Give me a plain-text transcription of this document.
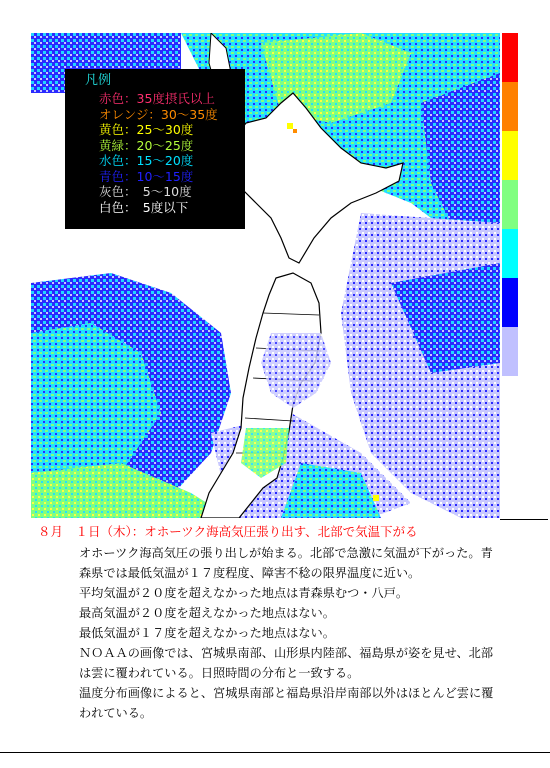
凡例
赤色：35度摂氏以上
オレンジ：30〜35度
黄色：25〜30度
黄緑：20〜25度
水色：15〜20度
青色：10〜15度
灰色：　5〜10度
白色：　5度以下
８月　１日（木）：オホーツク海高気圧張り出す、北部で気温下がる

オホーツク海高気圧の張り出しが始まる。北部で急激に気温が下がった。青森県では最低気温が１７度程度、障害不稔の限界温度に近い。

平均気温が２０度を超えなかった地点は青森県むつ・八戸。

最高気温が２０度を超えなかった地点はない。

最低気温が１７度を超えなかった地点はない。

ＮＯＡＡの画像では、宮城県南部、山形県内陸部、福島県が姿を見せ、北部は雲に覆われている。日照時間の分布と一致する。

温度分布画像によると、宮城県南部と福島県沿岸南部以外はほとんど雲に覆われている。
